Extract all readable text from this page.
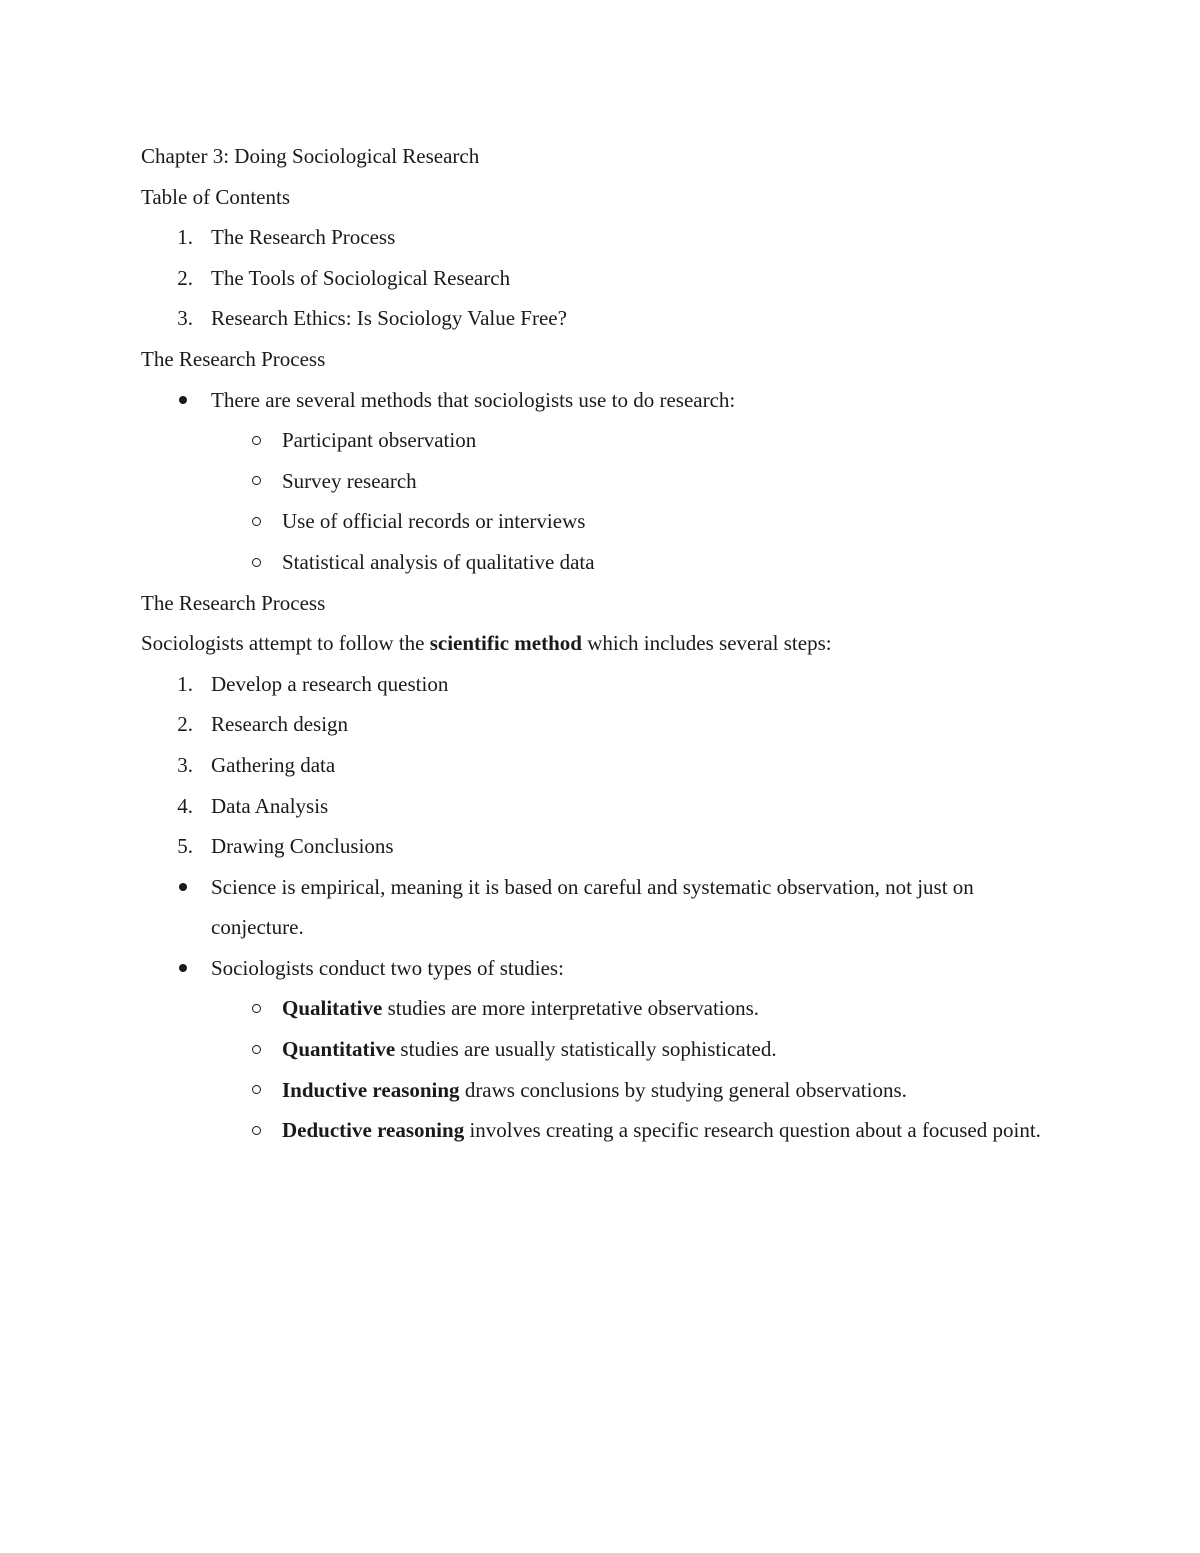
Chapter 3: Doing Sociological Research
Table of Contents
1. The Research Process
2. The Tools of Sociological Research
3. Research Ethics: Is Sociology Value Free?
The Research Process
There are several methods that sociologists use to do research:
Participant observation
Survey research
Use of official records or interviews
Statistical analysis of qualitative data
The Research Process
Sociologists attempt to follow the scientific method which includes several steps:
1. Develop a research question
2. Research design
3. Gathering data
4. Data Analysis
5. Drawing Conclusions
Science is empirical, meaning it is based on careful and systematic observation, not just on conjecture.
Sociologists conduct two types of studies:
Qualitative studies are more interpretative observations.
Quantitative studies are usually statistically sophisticated.
Inductive reasoning draws conclusions by studying general observations.
Deductive reasoning involves creating a specific research question about a focused point.
